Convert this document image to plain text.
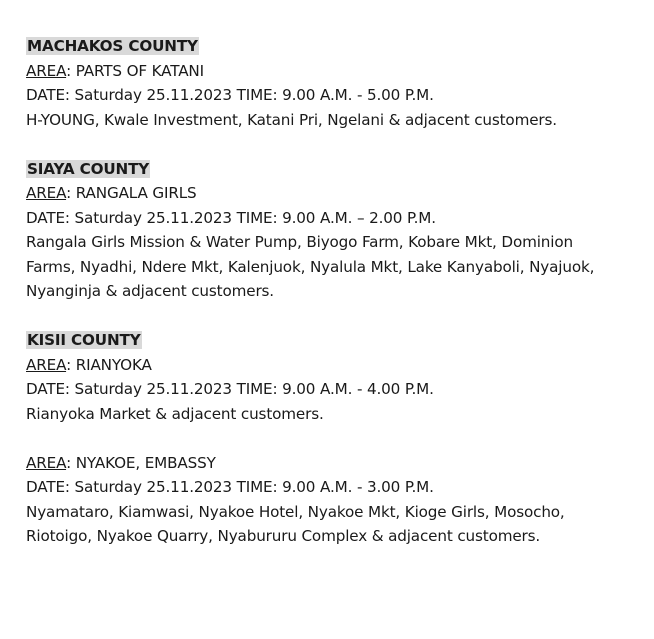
MACHAKOS COUNTY
AREA: PARTS OF KATANI
DATE: Saturday 25.11.2023 TIME: 9.00 A.M. - 5.00 P.M.
H-YOUNG, Kwale Investment, Katani Pri, Ngelani & adjacent customers.
SIAYA COUNTY
AREA: RANGALA GIRLS
DATE: Saturday 25.11.2023 TIME: 9.00 A.M. – 2.00 P.M.
Rangala Girls Mission & Water Pump, Biyogo Farm, Kobare Mkt, Dominion Farms, Nyadhi, Ndere Mkt, Kalenjuok, Nyalula Mkt, Lake Kanyaboli, Nyajuok, Nyanginja & adjacent customers.
KISII COUNTY
AREA: RIANYOKA
DATE: Saturday 25.11.2023 TIME: 9.00 A.M. - 4.00 P.M.
Rianyoka Market & adjacent customers.
AREA: NYAKOE, EMBASSY
DATE: Saturday 25.11.2023 TIME: 9.00 A.M. - 3.00 P.M.
Nyamataro, Kiamwasi, Nyakoe Hotel, Nyakoe Mkt, Kioge Girls, Mosocho, Riotoigo, Nyakoe Quarry, Nyabururu Complex & adjacent customers.
